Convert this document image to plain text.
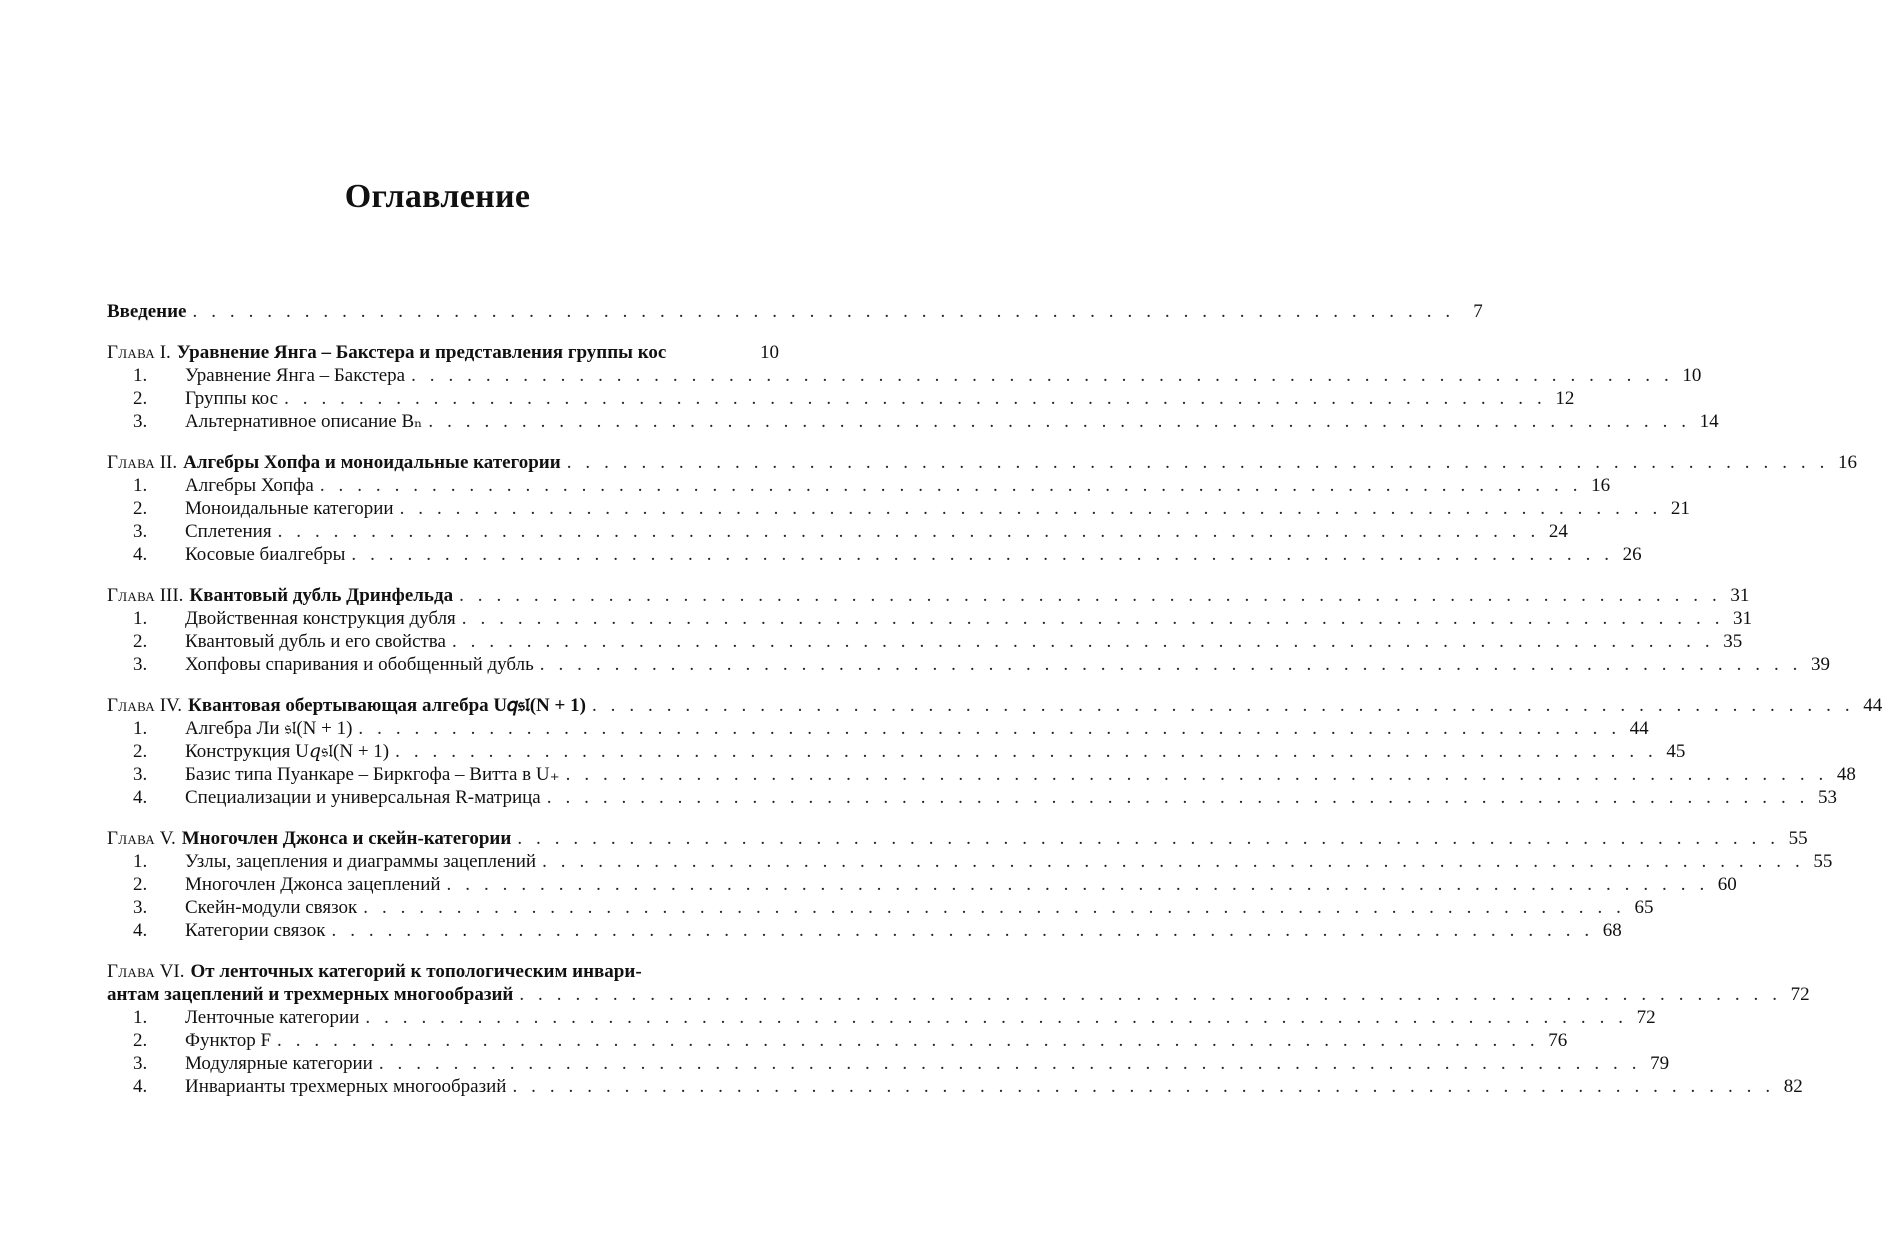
Оглавление
Введение . . . . . . . . . . . . . . . . . . . . . . . . . . . . . . . . . . . . . . . . . . . . . . . . . . . . . . . . . . . . . . . . . . . . 7
Глава I. Уравнение Янга – Бакстера и представления группы кос	10
1. Уравнение Янга – Бакстера . . . . . . . . . . . . . . . . . . . . . . . . . . . . . . . . . . . . . . . . . . . . . . . . . . . . . . . . . . . . . . . . . . . . 10
2. Группы кос . . . . . . . . . . . . . . . . . . . . . . . . . . . . . . . . . . . . . . . . . . . . . . . . . . . . . . . . . . . . . . . . . . . . 12
3. Альтернативное описание Bₙ . . . . . . . . . . . . . . . . . . . . . . . . . . . . . . . . . . . . . . . . . . . . . . . . . . . . . . . . . . . . . . . . . . . . 14
Глава II. Алгебры Хопфа и моноидальные категории . . . . . . . . . . . . . . . . . . . . . . . . . . . . . . . . . . . . . . . . . . . . . . . . . . . . . . . . . . . . . . . . . . . . 16
1. Алгебры Хопфа . . . . . . . . . . . . . . . . . . . . . . . . . . . . . . . . . . . . . . . . . . . . . . . . . . . . . . . . . . . . . . . . . . . . 16
2. Моноидальные категории . . . . . . . . . . . . . . . . . . . . . . . . . . . . . . . . . . . . . . . . . . . . . . . . . . . . . . . . . . . . . . . . . . . . 21
3. Сплетения . . . . . . . . . . . . . . . . . . . . . . . . . . . . . . . . . . . . . . . . . . . . . . . . . . . . . . . . . . . . . . . . . . . . 24
4. Косовые биалгебры . . . . . . . . . . . . . . . . . . . . . . . . . . . . . . . . . . . . . . . . . . . . . . . . . . . . . . . . . . . . . . . . . . . . 26
Глава III. Квантовый дубль Дринфельда . . . . . . . . . . . . . . . . . . . . . . . . . . . . . . . . . . . . . . . . . . . . . . . . . . . . . . . . . . . . . . . . . . . . 31
1. Двойственная конструкция дубля . . . . . . . . . . . . . . . . . . . . . . . . . . . . . . . . . . . . . . . . . . . . . . . . . . . . . . . . . . . . . . . . . . . . 31
2. Квантовый дубль и его свойства . . . . . . . . . . . . . . . . . . . . . . . . . . . . . . . . . . . . . . . . . . . . . . . . . . . . . . . . . . . . . . . . . . . . 35
3. Хопфовы спаривания и обобщенный дубль . . . . . . . . . . . . . . . . . . . . . . . . . . . . . . . . . . . . . . . . . . . . . . . . . . . . . . . . . . . . . . . . . . . . 39
Глава IV. Квантовая обертывающая алгебра U𝑞𝔰𝔩(N + 1) . . . . . . . . . . . . . . . . . . . . . . . . . . . . . . . . . . . . . . . . . . . . . . . . . . . . . . . . . . . . . . . . . . . . 44
1. Алгебра Ли 𝔰𝔩(N + 1) . . . . . . . . . . . . . . . . . . . . . . . . . . . . . . . . . . . . . . . . . . . . . . . . . . . . . . . . . . . . . . . . . . . . 44
2. Конструкция U𝑞𝔰𝔩(N + 1) . . . . . . . . . . . . . . . . . . . . . . . . . . . . . . . . . . . . . . . . . . . . . . . . . . . . . . . . . . . . . . . . . . . . 45
3. Базис типа Пуанкаре – Биркгофа – Витта в U₊ . . . . . . . . . . . . . . . . . . . . . . . . . . . . . . . . . . . . . . . . . . . . . . . . . . . . . . . . . . . . . . . . . . . . 48
4. Специализации и универсальная R-матрица . . . . . . . . . . . . . . . . . . . . . . . . . . . . . . . . . . . . . . . . . . . . . . . . . . . . . . . . . . . . . . . . . . . . 53
Глава V. Многочлен Джонса и скейн-категории . . . . . . . . . . . . . . . . . . . . . . . . . . . . . . . . . . . . . . . . . . . . . . . . . . . . . . . . . . . . . . . . . . . . 55
1. Узлы, зацепления и диаграммы зацеплений . . . . . . . . . . . . . . . . . . . . . . . . . . . . . . . . . . . . . . . . . . . . . . . . . . . . . . . . . . . . . . . . . . . . 55
2. Многочлен Джонса зацеплений . . . . . . . . . . . . . . . . . . . . . . . . . . . . . . . . . . . . . . . . . . . . . . . . . . . . . . . . . . . . . . . . . . . . 60
3. Скейн-модули связок . . . . . . . . . . . . . . . . . . . . . . . . . . . . . . . . . . . . . . . . . . . . . . . . . . . . . . . . . . . . . . . . . . . . 65
4. Категории связок . . . . . . . . . . . . . . . . . . . . . . . . . . . . . . . . . . . . . . . . . . . . . . . . . . . . . . . . . . . . . . . . . . . . 68
Глава VI. От ленточных категорий к топологическим инвари-
антам зацеплений и трехмерных многообразий . . . . . . . . . . . . . . . . . . . . . . . . . . . . . . . . . . . . . . . . . . . . . . . . . . . . . . . . . . . . . . . . . . . . 72
1. Ленточные категории . . . . . . . . . . . . . . . . . . . . . . . . . . . . . . . . . . . . . . . . . . . . . . . . . . . . . . . . . . . . . . . . . . . . 72
2. Функтор F . . . . . . . . . . . . . . . . . . . . . . . . . . . . . . . . . . . . . . . . . . . . . . . . . . . . . . . . . . . . . . . . . . . . 76
3. Модулярные категории . . . . . . . . . . . . . . . . . . . . . . . . . . . . . . . . . . . . . . . . . . . . . . . . . . . . . . . . . . . . . . . . . . . . 79
4. Инварианты трехмерных многообразий . . . . . . . . . . . . . . . . . . . . . . . . . . . . . . . . . . . . . . . . . . . . . . . . . . . . . . . . . . . . . . . . . . . . 82
